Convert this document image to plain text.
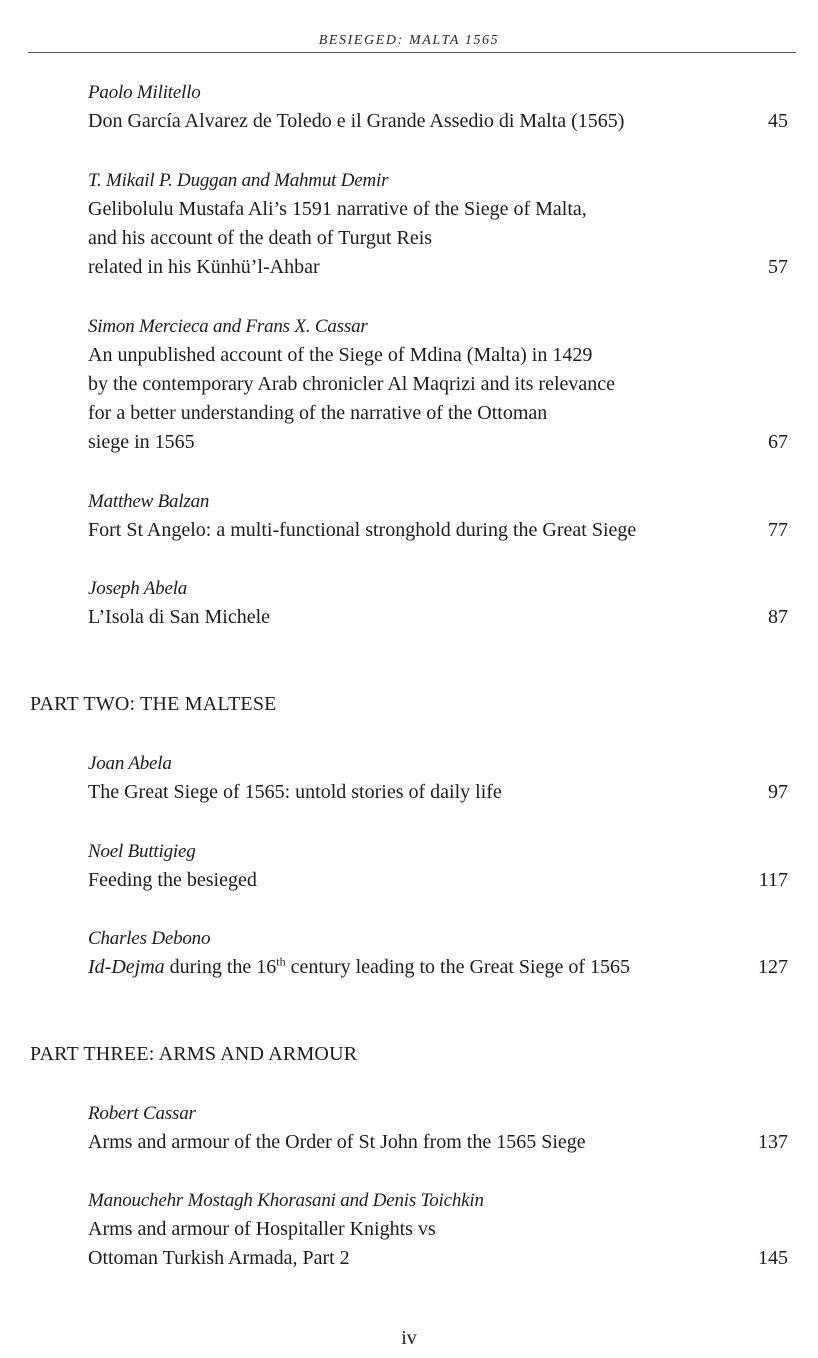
BESIEGED: MALTA 1565
Paolo Militello
Don García Alvarez de Toledo e il Grande Assedio di Malta (1565)	45
T. Mikail P. Duggan and Mahmut Demir
Gelibolulu Mustafa Ali’s 1591 narrative of the Siege of Malta,
and his account of the death of Turgut Reis
related in his Künhü’l-Ahbar	57
Simon Mercieca and Frans X. Cassar
An unpublished account of the Siege of Mdina (Malta) in 1429
by the contemporary Arab chronicler Al Maqrizi and its relevance
for a better understanding of the narrative of the Ottoman
siege in 1565	67
Matthew Balzan
Fort St Angelo: a multi-functional stronghold during the Great Siege	77
Joseph Abela
L’Isola di San Michele	87
PART TWO: THE MALTESE
Joan Abela
The Great Siege of 1565: untold stories of daily life	97
Noel Buttigieg
Feeding the besieged	117
Charles Debono
Id-Dejma during the 16th century leading to the Great Siege of 1565	127
PART THREE: ARMS AND ARMOUR
Robert Cassar
Arms and armour of the Order of St John from the 1565 Siege	137
Manouchehr Mostagh Khorasani and Denis Toichkin
Arms and armour of Hospitaller Knights vs
Ottoman Turkish Armada, Part 2	145
iv
